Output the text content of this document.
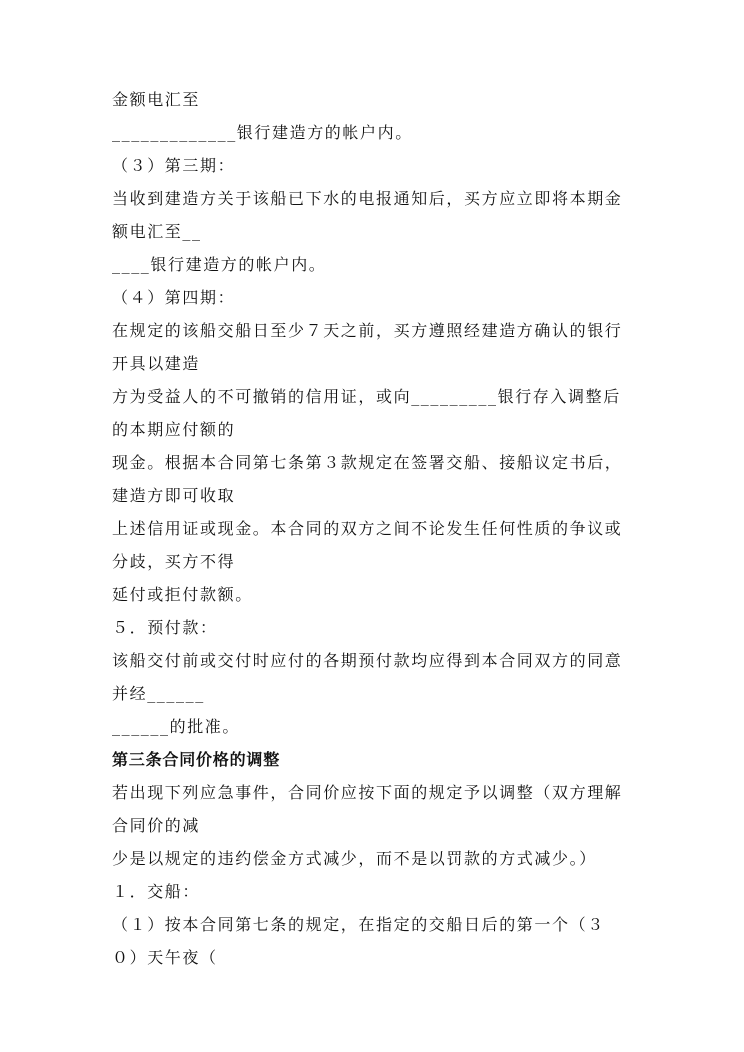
金额电汇至
_____________银行建造方的帐户内。
（３）第三期：
当收到建造方关于该船已下水的电报通知后，买方应立即将本期金
额电汇至__
____银行建造方的帐户内。
（４）第四期：
在规定的该船交船日至少７天之前，买方遵照经建造方确认的银行
开具以建造
方为受益人的不可撤销的信用证，或向_________银行存入调整后
的本期应付额的
现金。根据本合同第七条第３款规定在签署交船、接船议定书后，
建造方即可收取
上述信用证或现金。本合同的双方之间不论发生任何性质的争议或
分歧，买方不得
延付或拒付款额。
５．预付款：
该船交付前或交付时应付的各期预付款均应得到本合同双方的同意
并经______
______的批准。
第三条合同价格的调整
若出现下列应急事件，合同价应按下面的规定予以调整（双方理解
合同价的减
少是以规定的违约偿金方式减少，而不是以罚款的方式减少。）
１．交船：
（１）按本合同第七条的规定，在指定的交船日后的第一个（３
０）天午夜（
